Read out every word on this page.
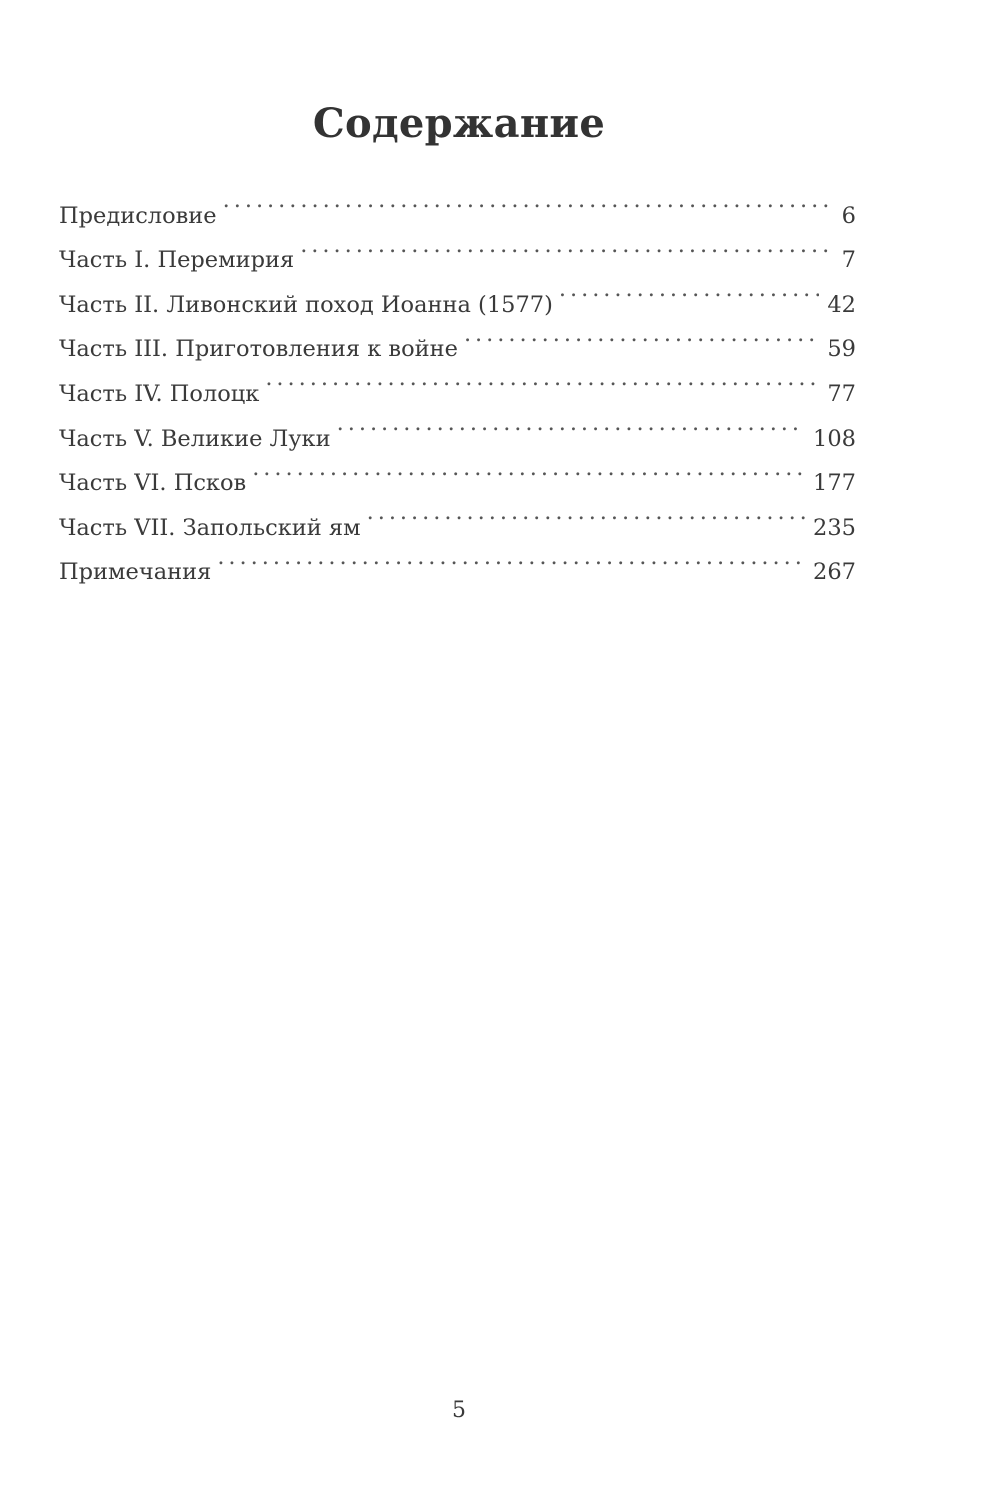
Содержание
Предисловие . . .	6
Часть I. Перемирия . . .	7
Часть II. Ливонский поход Иоанна (1577) . . .	42
Часть III. Приготовления к войне . . .	59
Часть IV. Полоцк . . .	77
Часть V. Великие Луки . . .	108
Часть VI. Псков . . .	177
Часть VII. Запольский ям . . .	235
Примечания . . .	267
5
